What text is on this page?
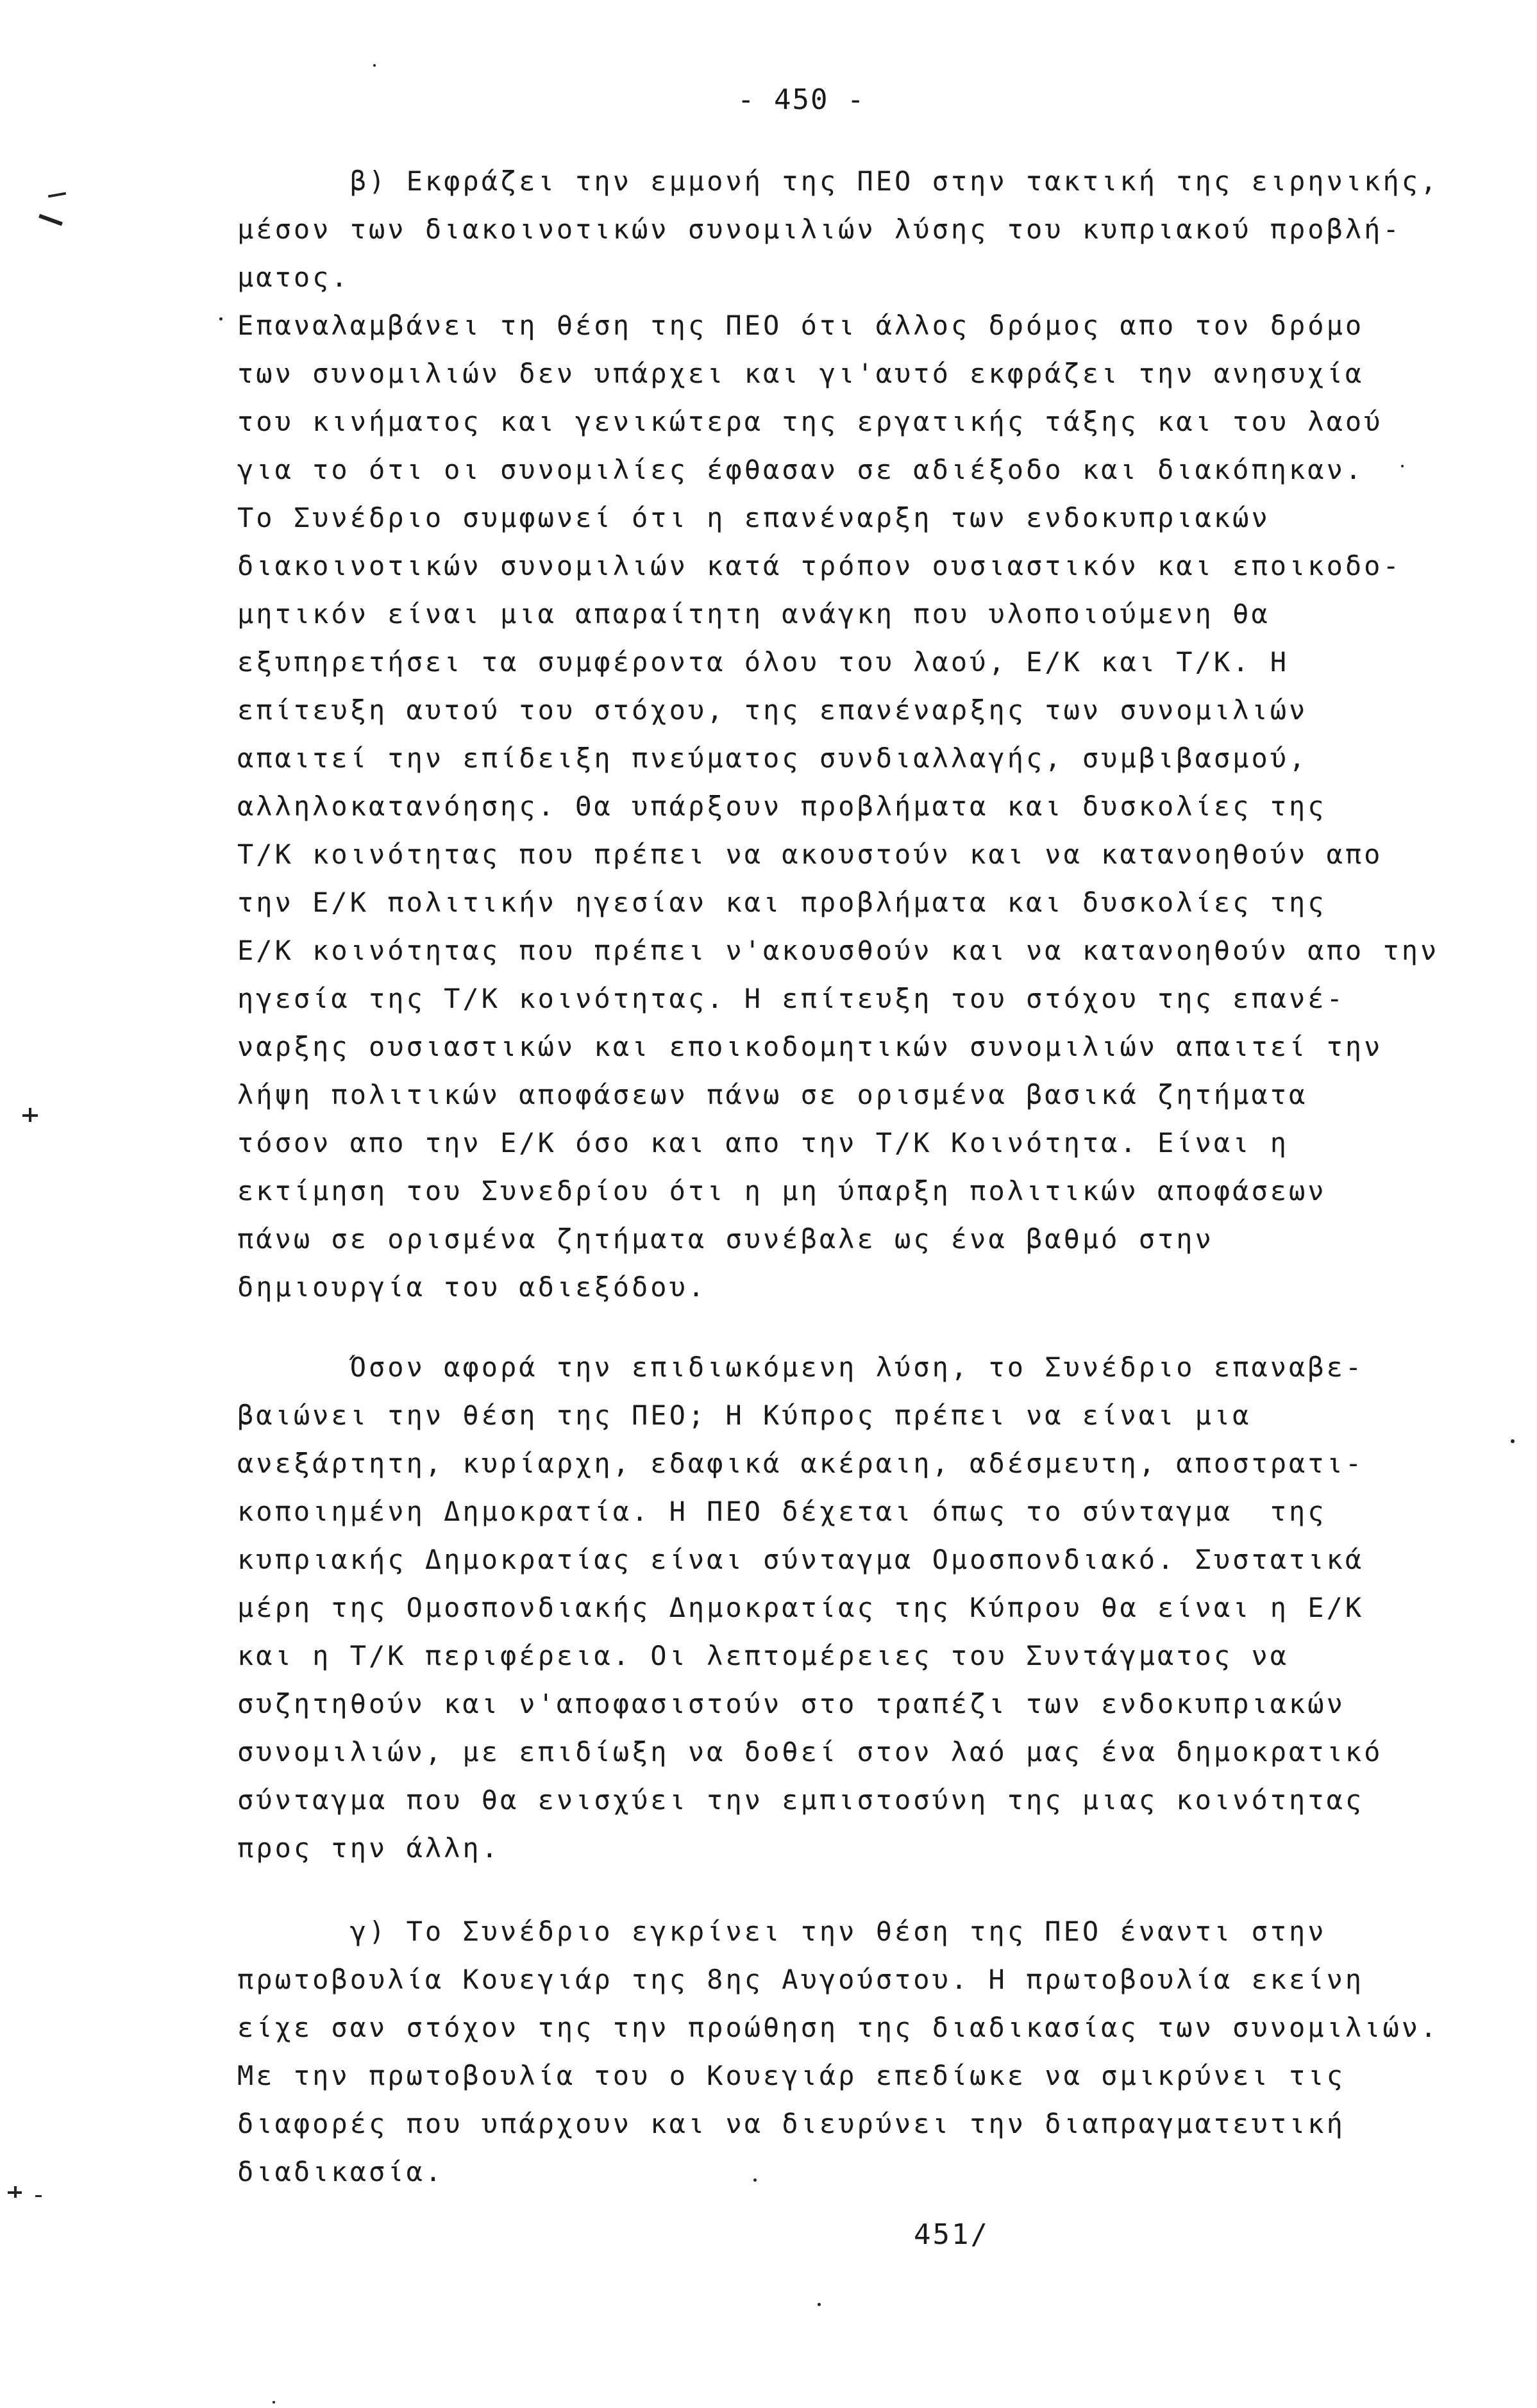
- 450 -
β) Εκφράζει την εμμονή της ΠΕΟ στην τακτική της ειρηνικής,
μέσον των διακοινοτικών συνομιλιών λύσης του κυπριακού προβλή-
ματος.
Επαναλαμβάνει τη θέση της ΠΕΟ ότι άλλος δρόμος απο τον δρόμο
των συνομιλιών δεν υπάρχει και γι'αυτό εκφράζει την ανησυχία
του κινήματος και γενικώτερα της εργατικής τάξης και του λαού
για το ότι οι συνομιλίες έφθασαν σε αδιέξοδο και διακόπηκαν.
Το Συνέδριο συμφωνεί ότι η επανέναρξη των ενδοκυπριακών
διακοινοτικών συνομιλιών κατά τρόπον ουσιαστικόν και εποικοδο-
μητικόν είναι μια απαραίτητη ανάγκη που υλοποιούμενη θα
εξυπηρετήσει τα συμφέροντα όλου του λαού, Ε/Κ και Τ/Κ. Η
επίτευξη αυτού του στόχου, της επανέναρξης των συνομιλιών
απαιτεί την επίδειξη πνεύματος συνδιαλλαγής, συμβιβασμού,
αλληλοκατανόησης. Θα υπάρξουν προβλήματα και δυσκολίες της
Τ/Κ κοινότητας που πρέπει να ακουστούν και να κατανοηθούν απο
την Ε/Κ πολιτικήν ηγεσίαν και προβλήματα και δυσκολίες της
Ε/Κ κοινότητας που πρέπει ν'ακουσθούν και να κατανοηθούν απο την
ηγεσία της Τ/Κ κοινότητας. Η επίτευξη του στόχου της επανέ-
ναρξης ουσιαστικών και εποικοδομητικών συνομιλιών απαιτεί την
λήψη πολιτικών αποφάσεων πάνω σε ορισμένα βασικά ζητήματα
τόσον απο την Ε/Κ όσο και απο την Τ/Κ Κοινότητα. Είναι η
εκτίμηση του Συνεδρίου ότι η μη ύπαρξη πολιτικών αποφάσεων
πάνω σε ορισμένα ζητήματα συνέβαλε ως ένα βαθμό στην
δημιουργία του αδιεξόδου.
Όσον αφορά την επιδιωκόμενη λύση, το Συνέδριο επαναβε-
βαιώνει την θέση της ΠΕΟ; Η Κύπρος πρέπει να είναι μια
ανεξάρτητη, κυρίαρχη, εδαφικά ακέραιη, αδέσμευτη, αποστρατι-
κοποιημένη Δημοκρατία. Η ΠΕΟ δέχεται όπως το σύνταγμα  της
κυπριακής Δημοκρατίας είναι σύνταγμα Ομοσπονδιακό. Συστατικά
μέρη της Ομοσπονδιακής Δημοκρατίας της Κύπρου θα είναι η Ε/Κ
και η Τ/Κ περιφέρεια. Οι λεπτομέρειες του Συντάγματος να
συζητηθούν και ν'αποφασιστούν στο τραπέζι των ενδοκυπριακών
συνομιλιών, με επιδίωξη να δοθεί στον λαό μας ένα δημοκρατικό
σύνταγμα που θα ενισχύει την εμπιστοσύνη της μιας κοινότητας
προς την άλλη.
γ) Το Συνέδριο εγκρίνει την θέση της ΠΕΟ έναντι στην
πρωτοβουλία Κουεγιάρ της 8ης Αυγούστου. Η πρωτοβουλία εκείνη
είχε σαν στόχον της την προώθηση της διαδικασίας των συνομιλιών.
Με την πρωτοβουλία του ο Κουεγιάρ επεδίωκε να σμικρύνει τις
διαφορές που υπάρχουν και να διευρύνει την διαπραγματευτική
διαδικασία.
451/
